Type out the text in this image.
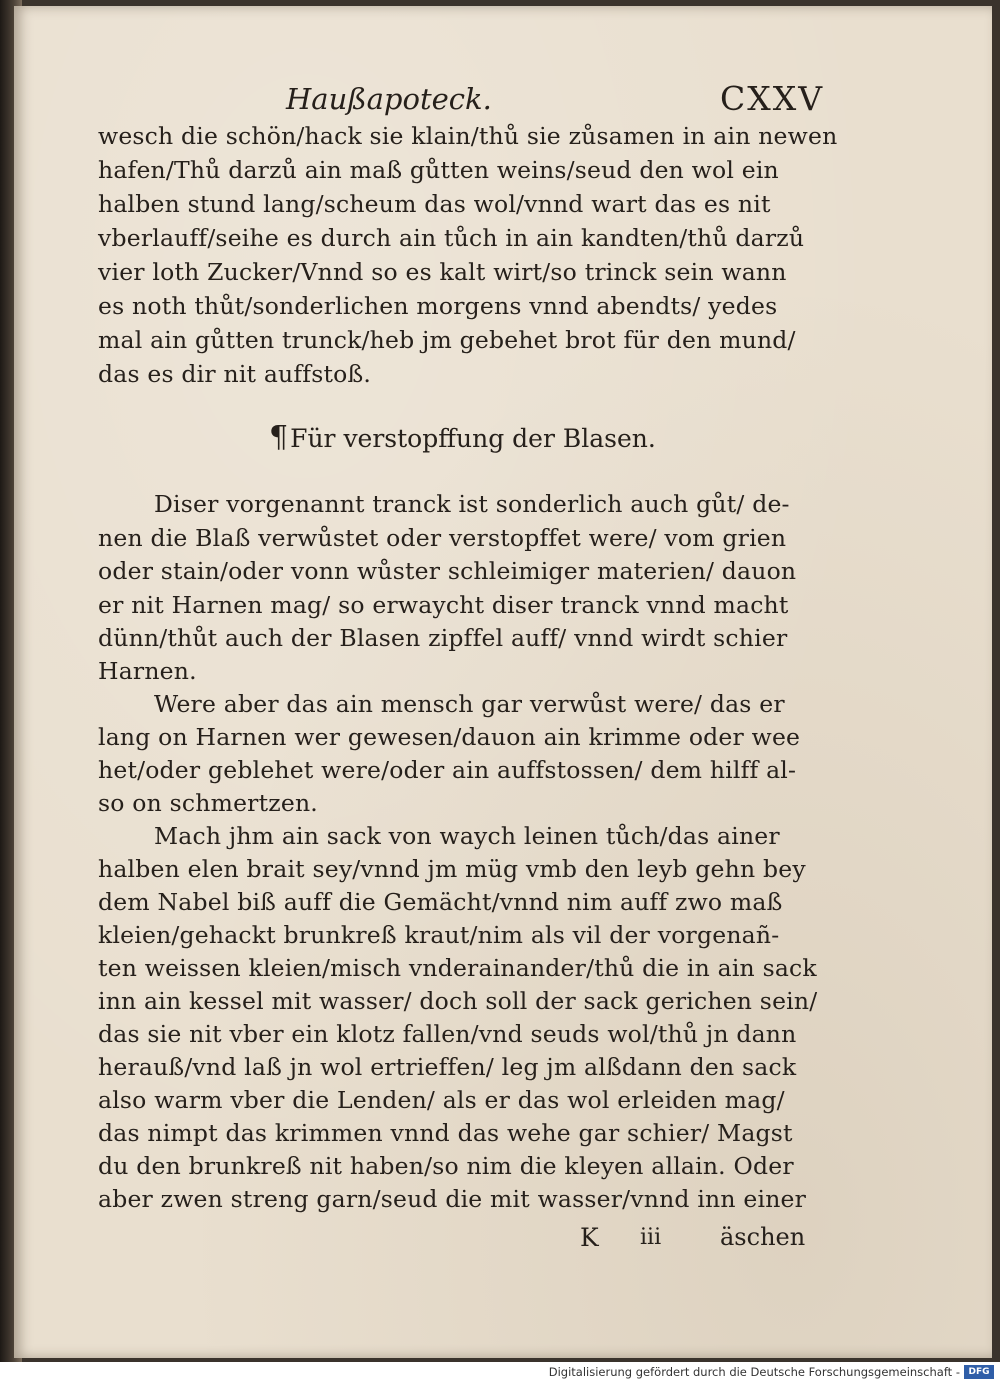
Haußapoteck.	CXXV
wesch die schön/hack sie klain/thů sie zůsamen in ain newen
hafen/Thů darzů ain maß gůtten weins/seud den wol ein
halben stund lang/scheum das wol/vnnd wart das es nit
vberlauff/seihe es durch ain tůch in ain kandten/thů darzů
vier loth Zucker/Vnnd so es kalt wirt/so trinck sein wann
es noth thůt/sonderlichen morgens vnnd abendts/ yedes
mal ain gůtten trunck/heb jm gebehet brot für den mund/
das es dir nit auffstoß.
¶Für verstopffung der Blasen.
Diser vorgenannt tranck ist sonderlich auch gůt/ de-
nen die Blaß verwůstet oder verstopffet were/ vom grien
oder stain/oder vonn wůster schleimiger materien/ dauon
er nit Harnen mag/ so erwaycht diser tranck vnnd macht
dünn/thůt auch der Blasen zipffel auff/ vnnd wirdt schier
Harnen.
Were aber das ain mensch gar verwůst were/ das er
lang on Harnen wer gewesen/dauon ain krimme oder wee
het/oder geblehet were/oder ain auffstossen/ dem hilff al-
so on schmertzen.
Mach jhm ain sack von waych leinen tůch/das ainer
halben elen brait sey/vnnd jm müg vmb den leyb gehn bey
dem Nabel biß auff die Gemächt/vnnd nim auff zwo maß
kleien/gehackt brunkreß kraut/nim als vil der vorgenañ-
ten weissen kleien/misch vnderainander/thů die in ain sack
inn ain kessel mit wasser/ doch soll der sack gerichen sein/
das sie nit vber ein klotz fallen/vnd seuds wol/thů jn dann
herauß/vnd laß jn wol ertrieffen/ leg jm alßdann den sack
also warm vber die Lenden/ als er das wol erleiden mag/
das nimpt das krimmen vnnd das wehe gar schier/ Magst
du den brunkreß nit haben/so nim die kleyen allain. Oder
aber zwen streng garn/seud die mit wasser/vnnd inn einer
K iii äschen
Digitalisierung gefördert durch die Deutsche Forschungsgemeinschaft - DFG
